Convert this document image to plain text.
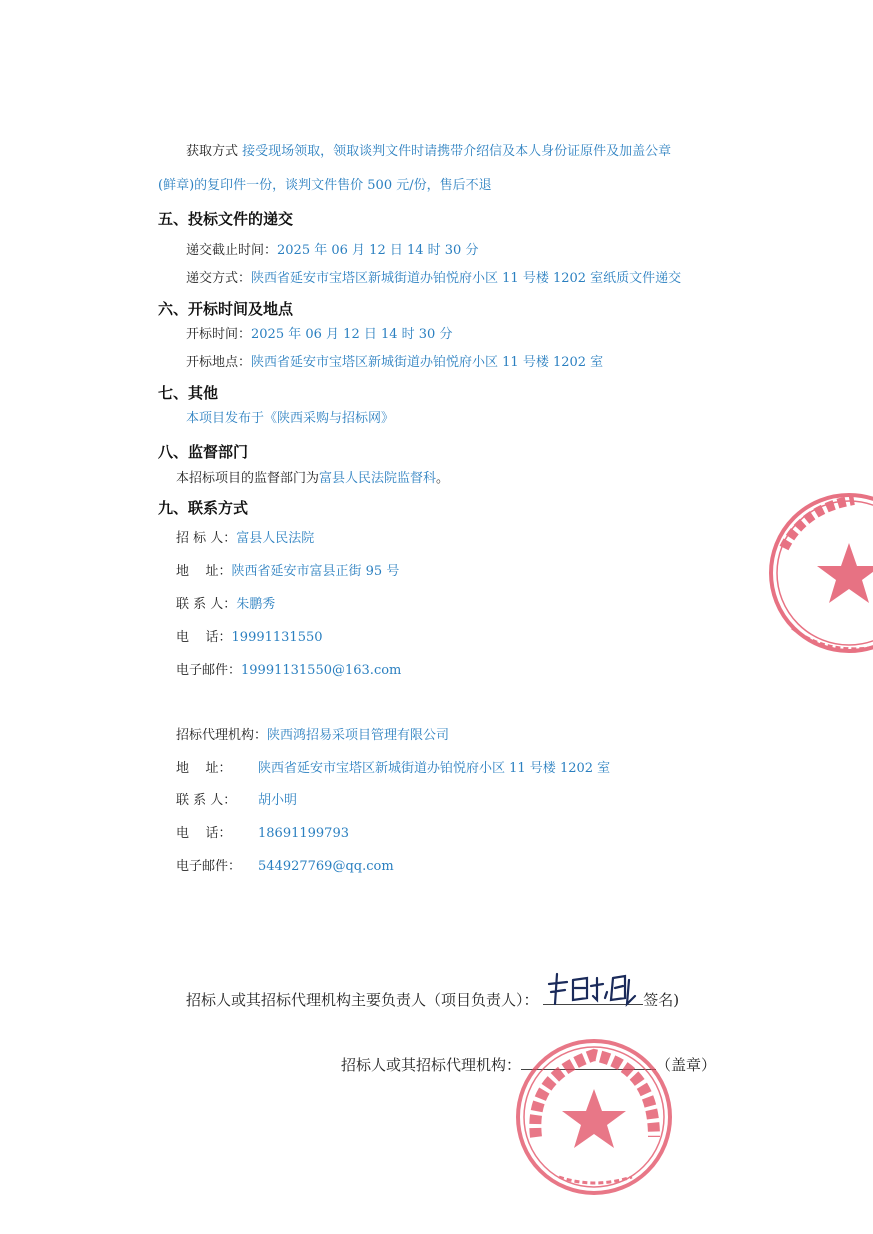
获取方式 接受现场领取，领取谈判文件时请携带介绍信及本人身份证原件及加盖公章
(鲜章)的复印件一份，谈判文件售价 500 元/份，售后不退
五、投标文件的递交
递交截止时间：2025 年 06 月 12 日 14 时 30 分
递交方式：陕西省延安市宝塔区新城街道办铂悦府小区 11 号楼 1202 室纸质文件递交
六、开标时间及地点
开标时间：2025 年 06 月 12 日 14 时 30 分
开标地点：陕西省延安市宝塔区新城街道办铂悦府小区 11 号楼 1202 室
七、其他
本项目发布于《陕西采购与招标网》
八、监督部门
本招标项目的监督部门为富县人民法院监督科。
九、联系方式
招 标 人：富县人民法院
地    址：陕西省延安市富县正街 95 号
联 系 人：朱鹏秀
电    话：19991131550
电子邮件：19991131550@163.com
招标代理机构：陕西鸿招易采项目管理有限公司
地    址： 陕西省延安市宝塔区新城街道办铂悦府小区 11 号楼 1202 室
联 系 人： 胡小明
电    话： 18691199793
电子邮件： 544927769@qq.com
招标人或其招标代理机构主要负责人（项目负责人）：	签名)
招标人或其招标代理机构：	（盖章）
